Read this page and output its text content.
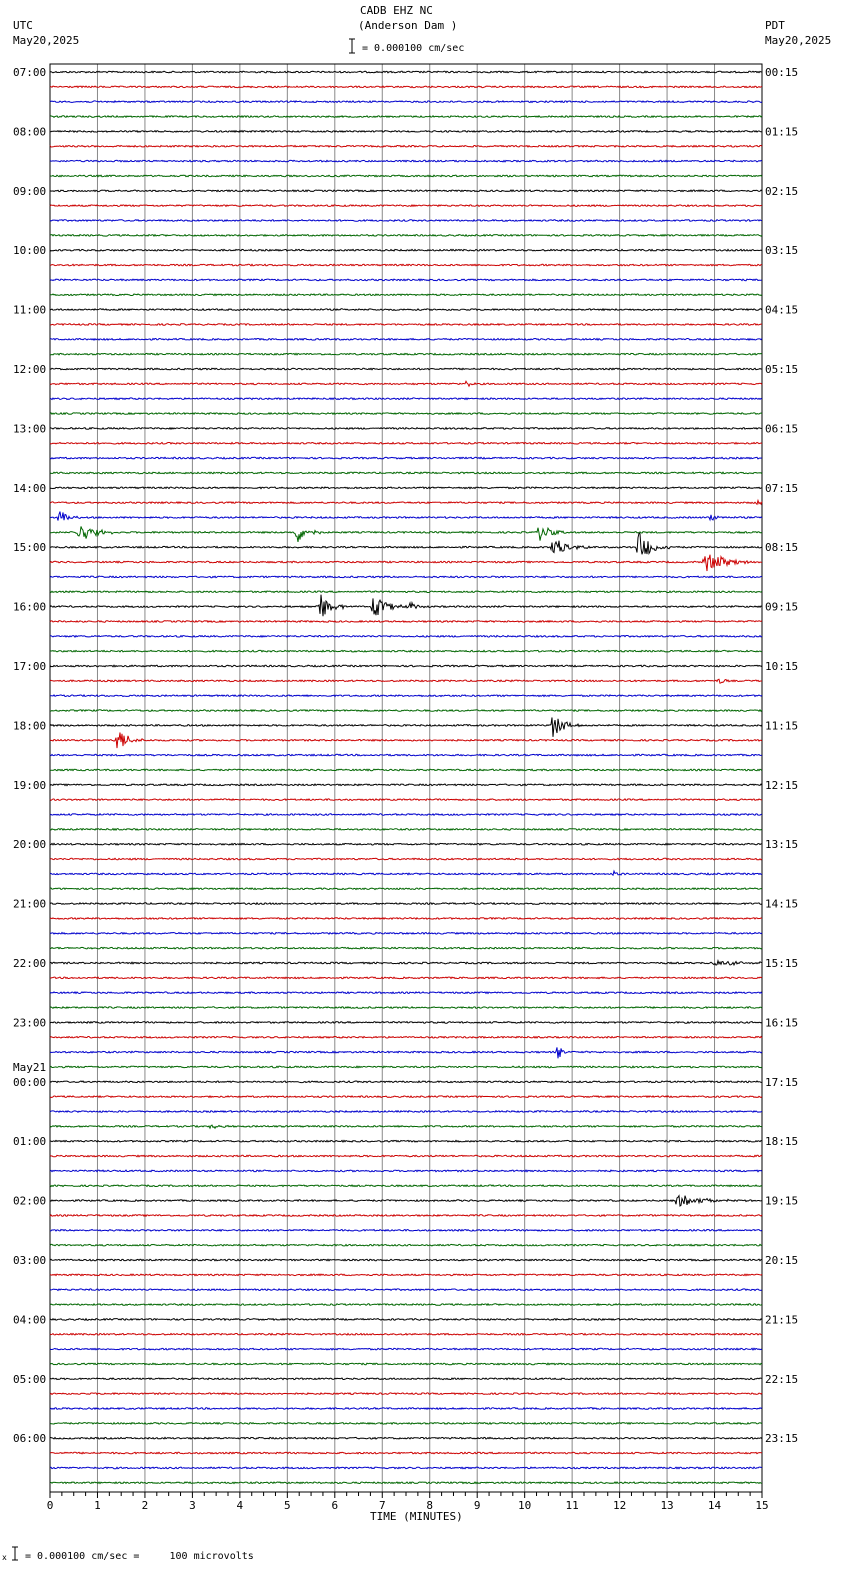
CADB EHZ NC
(Anderson Dam )
= 0.000100 cm/sec
UTC
May20,2025
PDT
May20,2025
May21
TIME (MINUTES)
x = 0.000100 cm/sec =     100 microvolts
07:00
08:00
09:00
10:00
11:00
12:00
13:00
14:00
15:00
16:00
17:00
18:00
19:00
20:00
21:00
22:00
23:00
00:00
01:00
02:00
03:00
04:00
05:00
06:00
00:15
01:15
02:15
03:15
04:15
05:15
06:15
07:15
08:15
09:15
10:15
11:15
12:15
13:15
14:15
15:15
16:15
17:15
18:15
19:15
20:15
21:15
22:15
23:15
0	1	2	3	4	5	6	7	8	9	10	11	12	13	14	15
